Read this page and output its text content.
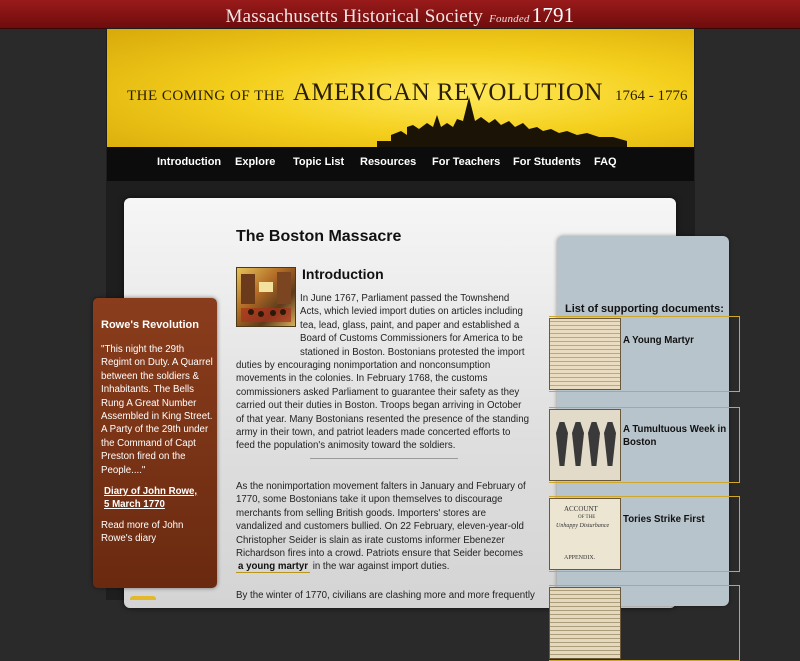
Massachusetts Historical Society Founded1791
THE COMING OF THE AMERICAN REVOLUTION 1764 - 1776
Introduction Explore Topic List Resources For Teachers For Students FAQ
The Boston Massacre
Introduction

In June 1767, Parliament passed the Townshend Acts, which levied import duties on articles including tea, lead, glass, paint, and paper and established a Board of Customs Commissioners for America to be stationed in Boston. Bostonians protested the import duties by encouraging nonimportation and nonconsumption movements in the colonies. In February 1768, the customs commissioners asked Parliament to guarantee their safety as they carried out their duties in Boston. Troops began arriving in October of that year. Many Bostonians resented the presence of the standing army in their town, and patriot leaders made concerted efforts to feed the population's animosity toward the soldiers.

As the nonimportation movement falters in January and February of 1770, some Bostonians take it upon themselves to discourage merchants from selling British goods. Importers' stores are vandalized and customers bullied. On 22 February, eleven-year-old Christopher Seider is slain as irate customs informer Ebenezer Richardson fires into a crowd. Patriots ensure that Seider becomes a young martyr in the war against import duties.

By the winter of 1770, civilians are clashing more and more frequently

Rowe's Revolution
"This night the 29th Regimt on Duty. A Quarrel between the soldiers & Inhabitants. The Bells Rung A Great Number Assembled in King Street. A Party of the 29th under the Command of Capt Preston fired on the People...."
Diary of John Rowe,
5 March 1770
Read more of John Rowe's diary
List of supporting documents:
A Young Martyr
A Tumultuous Week in Boston
ACCOUNT
OF THE
Unhappy Disturbance
APPENDIX.
Tories Strike First
